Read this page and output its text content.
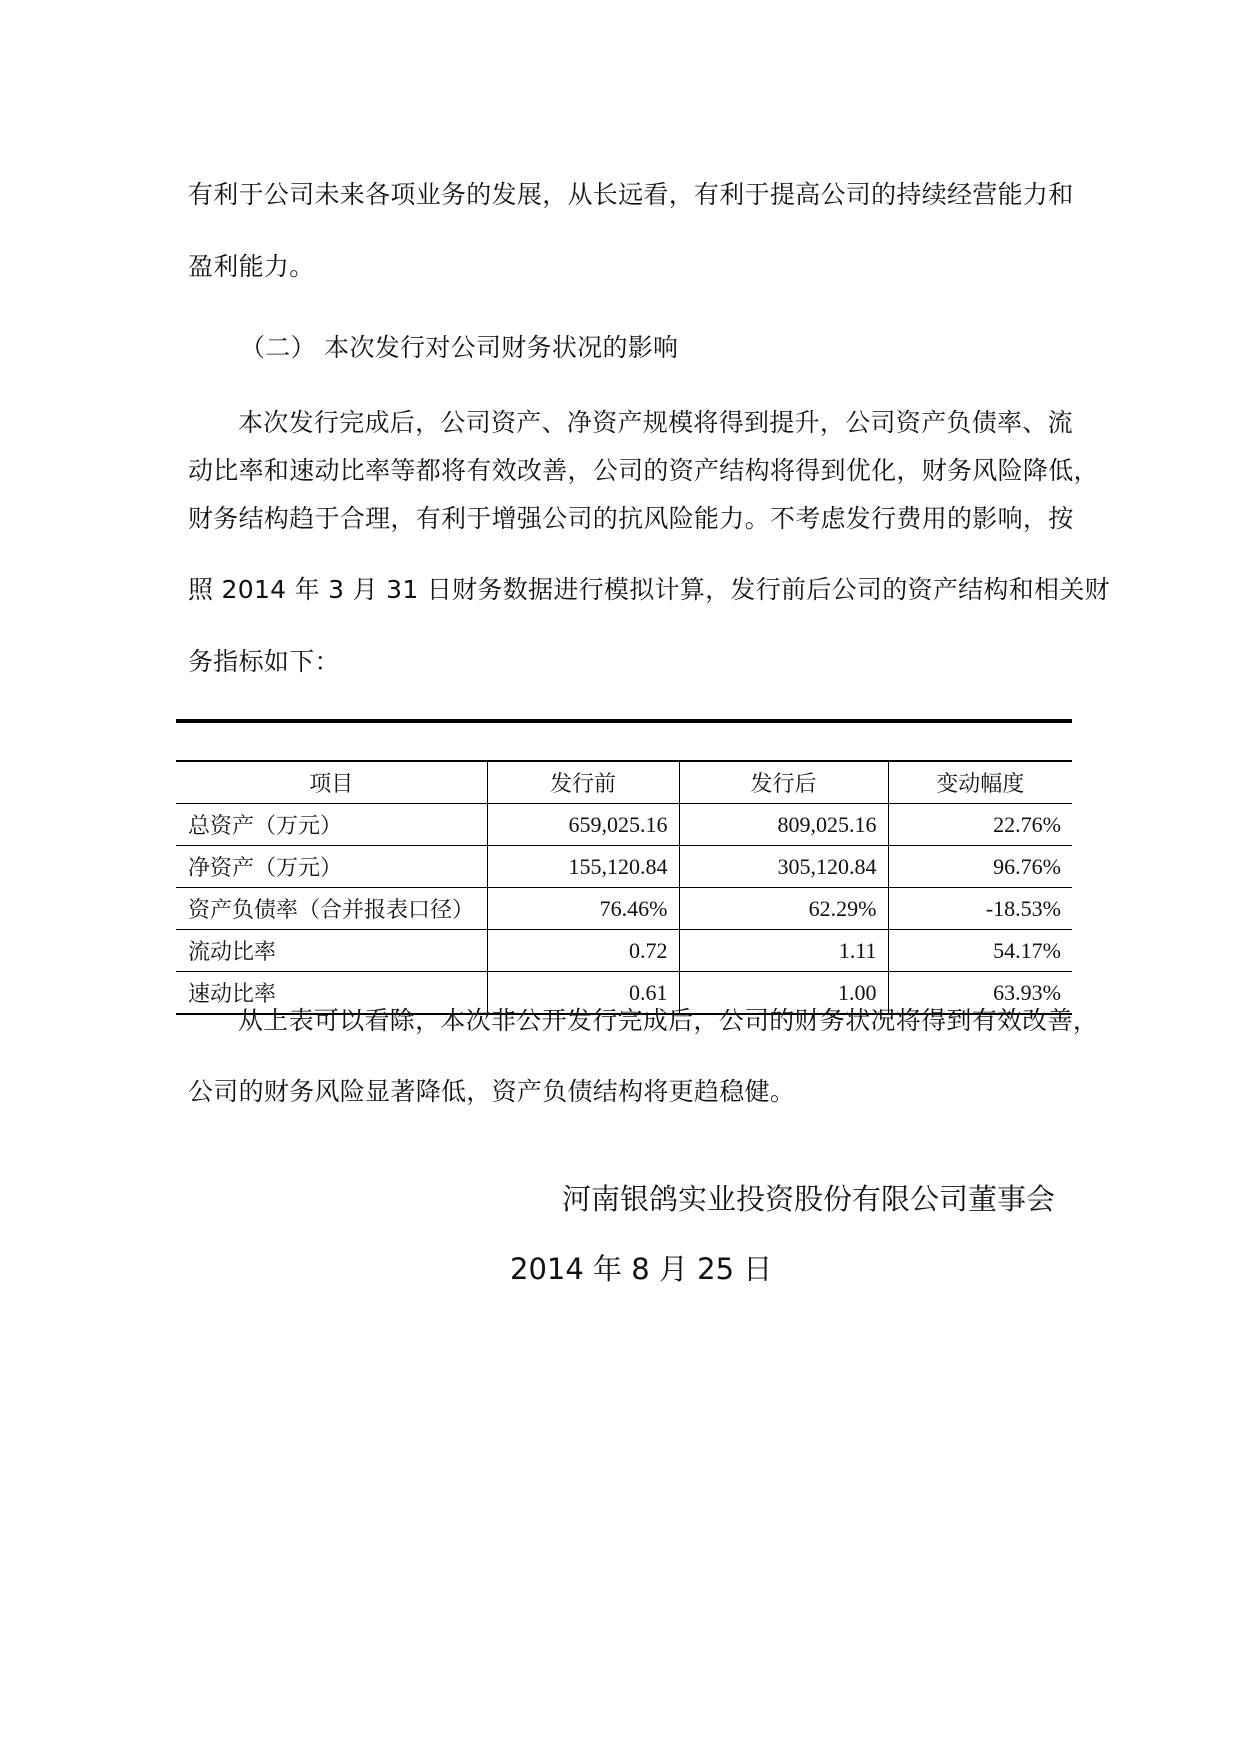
有利于公司未来各项业务的发展，从长远看，有利于提高公司的持续经营能力和
盈利能力。
（二） 本次发行对公司财务状况的影响
本次发行完成后，公司资产、净资产规模将得到提升，公司资产负债率、流
动比率和速动比率等都将有效改善，公司的资产结构将得到优化，财务风险降低，
财务结构趋于合理，有利于增强公司的抗风险能力。不考虑发行费用的影响，按
照 2014 年 3 月 31 日财务数据进行模拟计算，发行前后公司的资产结构和相关财
务指标如下：
项目	发行前	发行后	变动幅度
总资产（万元）	659,025.16	809,025.16	22.76%
净资产（万元）	155,120.84	305,120.84	96.76%
资产负债率（合并报表口径）	76.46%	62.29%	-18.53%
流动比率	0.72	1.11	54.17%
速动比率	0.61	1.00	63.93%
从上表可以看除，本次非公开发行完成后，公司的财务状况将得到有效改善，
公司的财务风险显著降低，资产负债结构将更趋稳健。
河南银鸽实业投资股份有限公司董事会
2014 年 8 月 25 日
